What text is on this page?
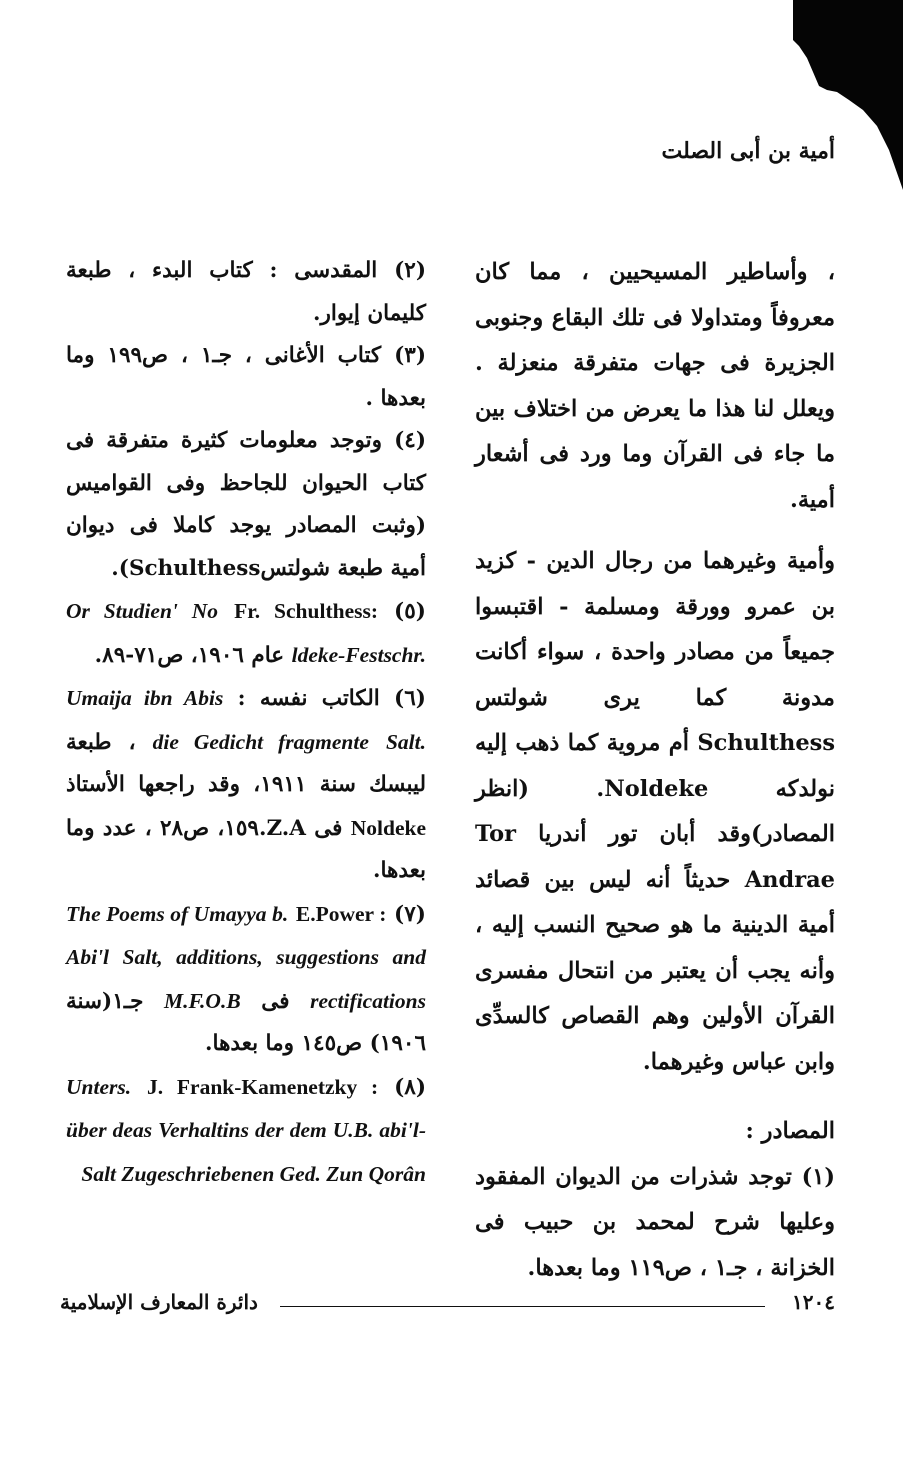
أمية بن أبى الصلت

، وأساطير المسيحيين ، مما كان معروفاً ومتداولا فى تلك البقاع وجنوبى الجزيرة فى جهات متفرقة منعزلة . ويعلل لنا هذا ما يعرض من اختلاف بين ما جاء فى القرآن وما ورد فى أشعار أمية.

وأمية وغيرهما من رجال الدين - كزيد بن عمرو وورقة ومسلمة - اقتبسوا جميعاً من مصادر واحدة ، سواء أكانت مدونة كما يرى شولتس Schulthess أم مروية كما ذهب إليه نولدكه Noldeke. (انظر المصادر)وقد أبان تور أندريا Tor Andrae حديثاً أنه ليس بين قصائد أمية الدينية ما هو صحيح النسب إليه ، وأنه يجب أن يعتبر من انتحال مفسرى القرآن الأولين وهم القصاص كالسدِّى وابن عباس وغيرهما.

المصادر :

(١) توجد شذرات من الديوان المفقود وعليها شرح لمحمد بن حبيب فى الخزانة ، جـ١ ، ص١١٩ وما بعدها.

(٢) المقدسى : كتاب البدء ، طبعة كليمان إيوار.

(٣) كتاب الأغانى ، جـ١ ، ص١٩٩ وما بعدها .

(٤) وتوجد معلومات كثيرة متفرقة فى كتاب الحيوان للجاحظ وفى القواميس (وثبت المصادر يوجد كاملا فى ديوان أمية طبعة شولتسSchulthess).

(٥) Fr. Schulthess: Or Studien' No ldeke-Festschr. عام ١٩٠٦، ص٧١-٨٩.

(٦) الكاتب نفسه : Umaija ibn Abis Salt. die Gedicht fragmente ، طبعة ليبسك سنة ١٩١١، وقد راجعها الأستاذ Noldeke فى Z.A.١٥٩، ص٢٨ ، عدد وما بعدها.

(٧) E.Power : The Poems of Umayya b. Abi'l Salt, additions, suggestions and rectifications فى M.F.O.B جـ١(سنة ١٩٠٦) ص١٤٥ وما بعدها.

(٨) J. Frank-Kamenetzky : Unters. über deas Verhaltins der dem U.B. abi'l-Salt Zugeschriebenen Ged. Zun Qorân

دائرة المعارف الإسلامية	١٢٠٤
